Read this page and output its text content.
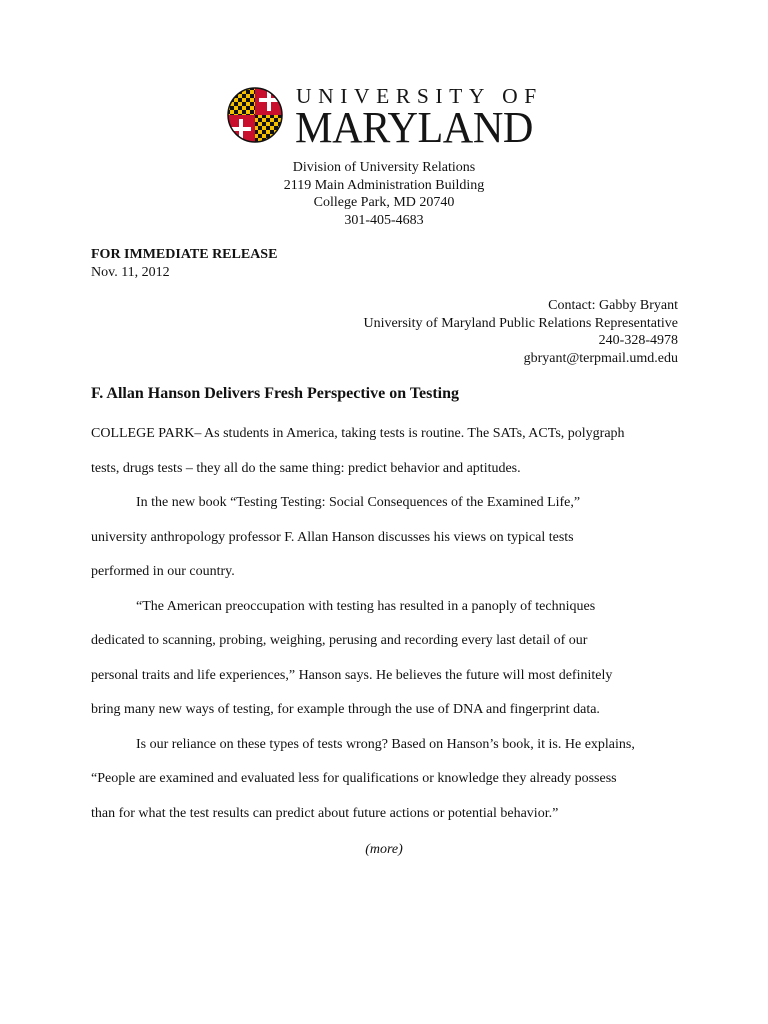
UNIVERSITY OF
MARYLAND
Division of University Relations
2119 Main Administration Building
College Park, MD 20740
301-405-4683
FOR IMMEDIATE RELEASE
Nov. 11, 2012
Contact: Gabby Bryant
University of Maryland Public Relations Representative
240-328-4978
gbryant@terpmail.umd.edu
F. Allan Hanson Delivers Fresh Perspective on Testing
COLLEGE PARK– As students in America, taking tests is routine. The SATs, ACTs, polygraph
tests, drugs tests – they all do the same thing: predict behavior and aptitudes.
In the new book “Testing Testing: Social Consequences of the Examined Life,”
university anthropology professor F. Allan Hanson discusses his views on typical tests
performed in our country.
“The American preoccupation with testing has resulted in a panoply of techniques
dedicated to scanning, probing, weighing, perusing and recording every last detail of our
personal traits and life experiences,” Hanson says. He believes the future will most definitely
bring many new ways of testing, for example through the use of DNA and fingerprint data.
Is our reliance on these types of tests wrong? Based on Hanson’s book, it is. He explains,
“People are examined and evaluated less for qualifications or knowledge they already possess
than for what the test results can predict about future actions or potential behavior.”
(more)
